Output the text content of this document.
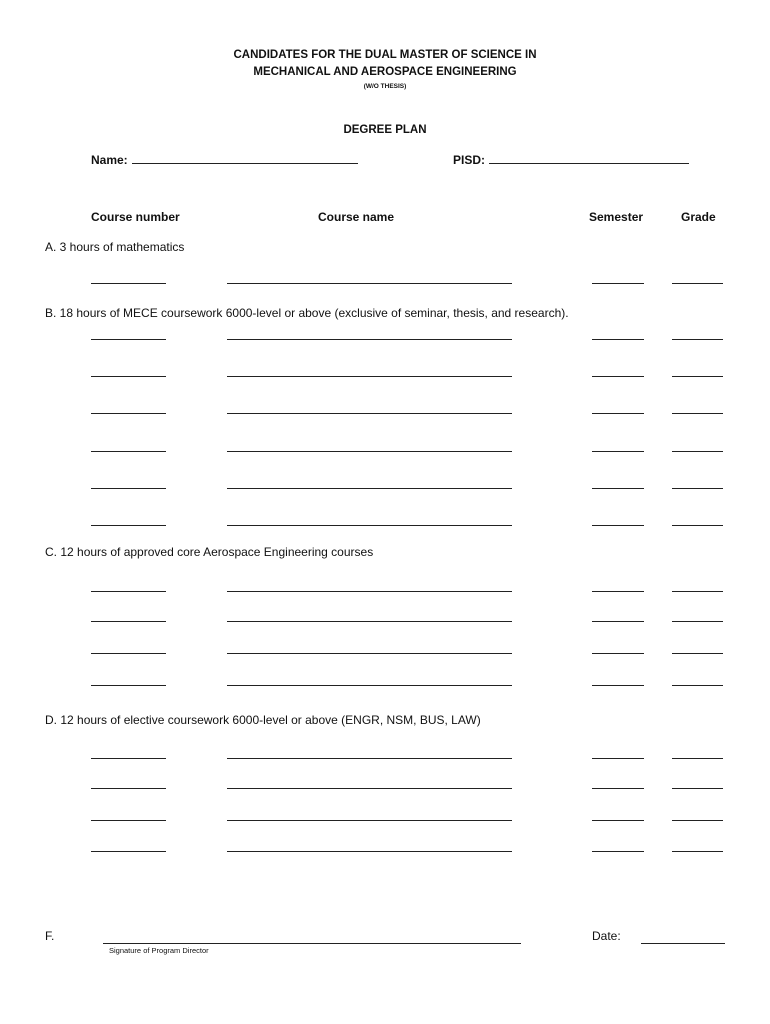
CANDIDATES FOR THE DUAL MASTER OF SCIENCE IN
MECHANICAL AND AEROSPACE ENGINEERING
(W/O THESIS)
DEGREE PLAN
Name:	PISD:
Course number	Course name	Semester	Grade
A. 3 hours of mathematics
B. 18 hours of MECE coursework 6000-level or above (exclusive of seminar, thesis, and research).
C. 12 hours of approved core Aerospace Engineering courses
D. 12 hours of elective coursework 6000-level or above (ENGR, NSM, BUS, LAW)
F.
Signature of Program Director
Date:
